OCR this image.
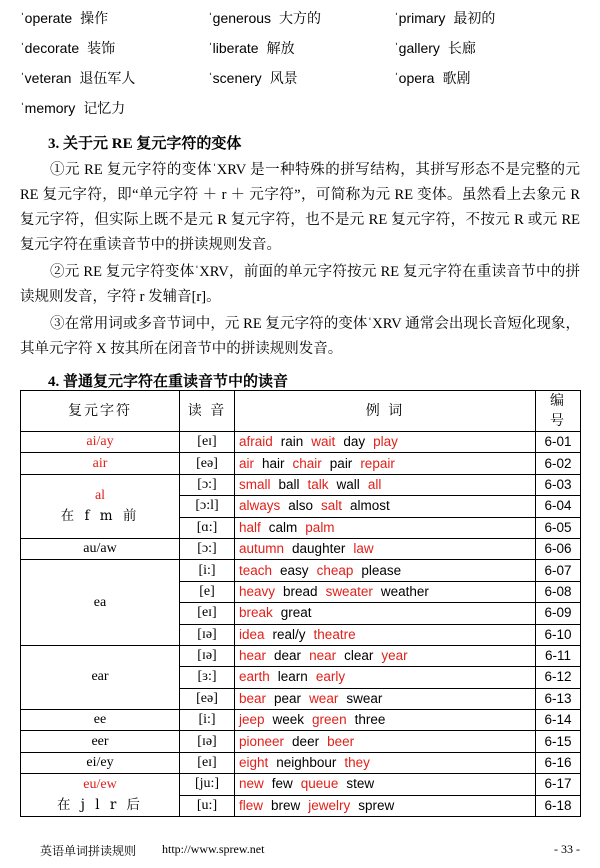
ˈoperate 操作	ˈgenerous 大方的	ˈprimary 最初的
ˈdecorate 装饰	ˈliberate 解放	ˈgallery 长廊
ˈveteran 退伍军人	ˈscenery 风景	ˈopera 歌剧
ˈmemory 记忆力
3. 关于元 RE 复元字符的变体
①元 RE 复元字符的变体ˈXRV 是一种特殊的拼写结构，其拼写形态不是完整的元 RE 复元字符，即“单元字符 ＋ r ＋ 元字符”，可简称为元 RE 变体。虽然看上去象元 R 复元字符，但实际上既不是元 R 复元字符，也不是元 RE 复元字符，不按元 R 或元 RE 复元字符在重读音节中的拼读规则发音。
②元 RE 复元字符变体ˈXRV，前面的单元字符按元 RE 复元字符在重读音节中的拼读规则发音，字符 r 发辅音[r]。
③在常用词或多音节词中，元 RE 复元字符的变体ˈXRV 通常会出现长音短化现象，其单元字符 X 按其所在闭音节中的拼读规则发音。
4. 普通复元字符在重读音节中的读音
复元字符	读 音	例 词	编 号
ai/ay	[eɪ]	afraid rain wait day play	6-01
air	[eə]	air hair chair pair repair	6-02
al
在 f m 前	[ɔ:]	small ball talk wall all	6-03
	[ɔ:l]	always also salt almost	6-04
	[ɑ:]	half calm palm	6-05
au/aw	[ɔ:]	autumn daughter law	6-06
ea	[i:]	teach easy cheap please	6-07
	[e]	heavy bread sweater weather	6-08
	[eɪ]	break great	6-09
	[ɪə]	idea real/y theatre	6-10
ear	[ɪə]	hear dear near clear year	6-11
	[ɜ:]	earth learn early	6-12
	[eə]	bear pear wear swear	6-13
ee	[i:]	jeep week green three	6-14
eer	[ɪə]	pioneer deer beer	6-15
ei/ey	[eɪ]	eight neighbour they	6-16
eu/ew
在 j l r 后	[ju:]	new few queue stew	6-17
	[u:]	flew brew jewelry sprew	6-18
英语单词拼读规则 http://www.sprew.net	- 33 -
